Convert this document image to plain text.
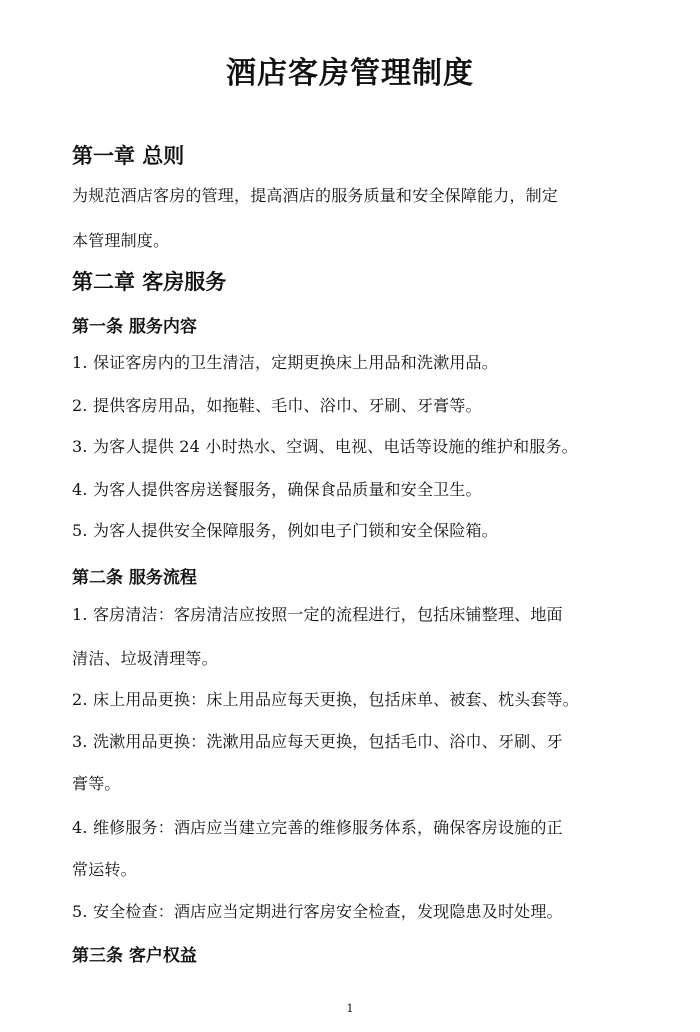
酒店客房管理制度

第一章 总则

为规范酒店客房的管理，提高酒店的服务质量和安全保障能力，制定

本管理制度。

第二章 客房服务

第一条 服务内容

1. 保证客房内的卫生清洁，定期更换床上用品和洗漱用品。

2. 提供客房用品，如拖鞋、毛巾、浴巾、牙刷、牙膏等。

3. 为客人提供 24 小时热水、空调、电视、电话等设施的维护和服务。

4. 为客人提供客房送餐服务，确保食品质量和安全卫生。

5. 为客人提供安全保障服务，例如电子门锁和安全保险箱。

第二条 服务流程

1. 客房清洁：客房清洁应按照一定的流程进行，包括床铺整理、地面

清洁、垃圾清理等。

2. 床上用品更换：床上用品应每天更换，包括床单、被套、枕头套等。

3. 洗漱用品更换：洗漱用品应每天更换，包括毛巾、浴巾、牙刷、牙

膏等。

4. 维修服务：酒店应当建立完善的维修服务体系，确保客房设施的正

常运转。

5. 安全检查：酒店应当定期进行客房安全检查，发现隐患及时处理。

第三条 客户权益

1
